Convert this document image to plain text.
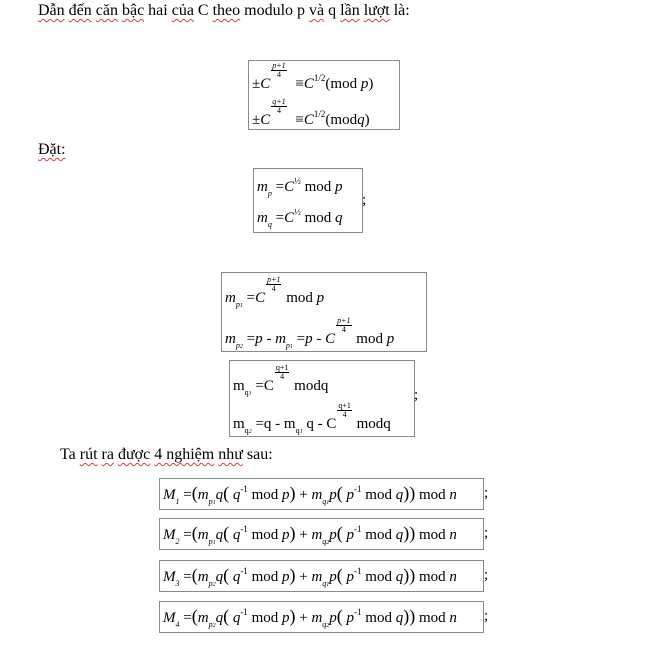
Dẫn đến căn bậc hai của C theo modulo p và q lần lượt là:
±C
$\frac{p+1}{4}$
$\equiv C^{1/2}(mod$ p)
±C
$\frac{q+1}{4}$
$\equiv C^{1/2}(modq)$
Đặt:
$m_p =C^{\frac{1}{2}}$ mod p
$m_q =C^{\frac{1}{2}}$ mod q
;
$m_{p1} =C$
$\frac{p+1}{4}$
mod p
$m_{p2} =p - m_{p1} =p - C$
$\frac{p+1}{4}$
mod p
$m_{q1} =C$
$\frac{q+1}{4}$
modq
$m_{q2} =q - m_{q1}$ q - C
$\frac{q+1}{4}$
modq
;
Ta rút ra được 4 nghiệm như sau:
$M_1 =(m_{p1}q$( $q^{-1}$ mod $p) + m_{q1}p$( $p^{-1}$ mod q)) mod n ;
$M_2 =(m_{p1}q$( $q^{-1}$ mod $p) + m_{q2}p$( $p^{-1}$ mod q)) mod n ;
$M_3 =(m_{p2}q$( $q^{-1}$ mod $p) + m_{q1}p$( $p^{-1}$ mod q)) mod n ;
$M_4 =(m_{p2}q$( $q^{-1}$ mod $p) + m_{q2}p$( $p^{-1}$ mod q)) mod n ;
